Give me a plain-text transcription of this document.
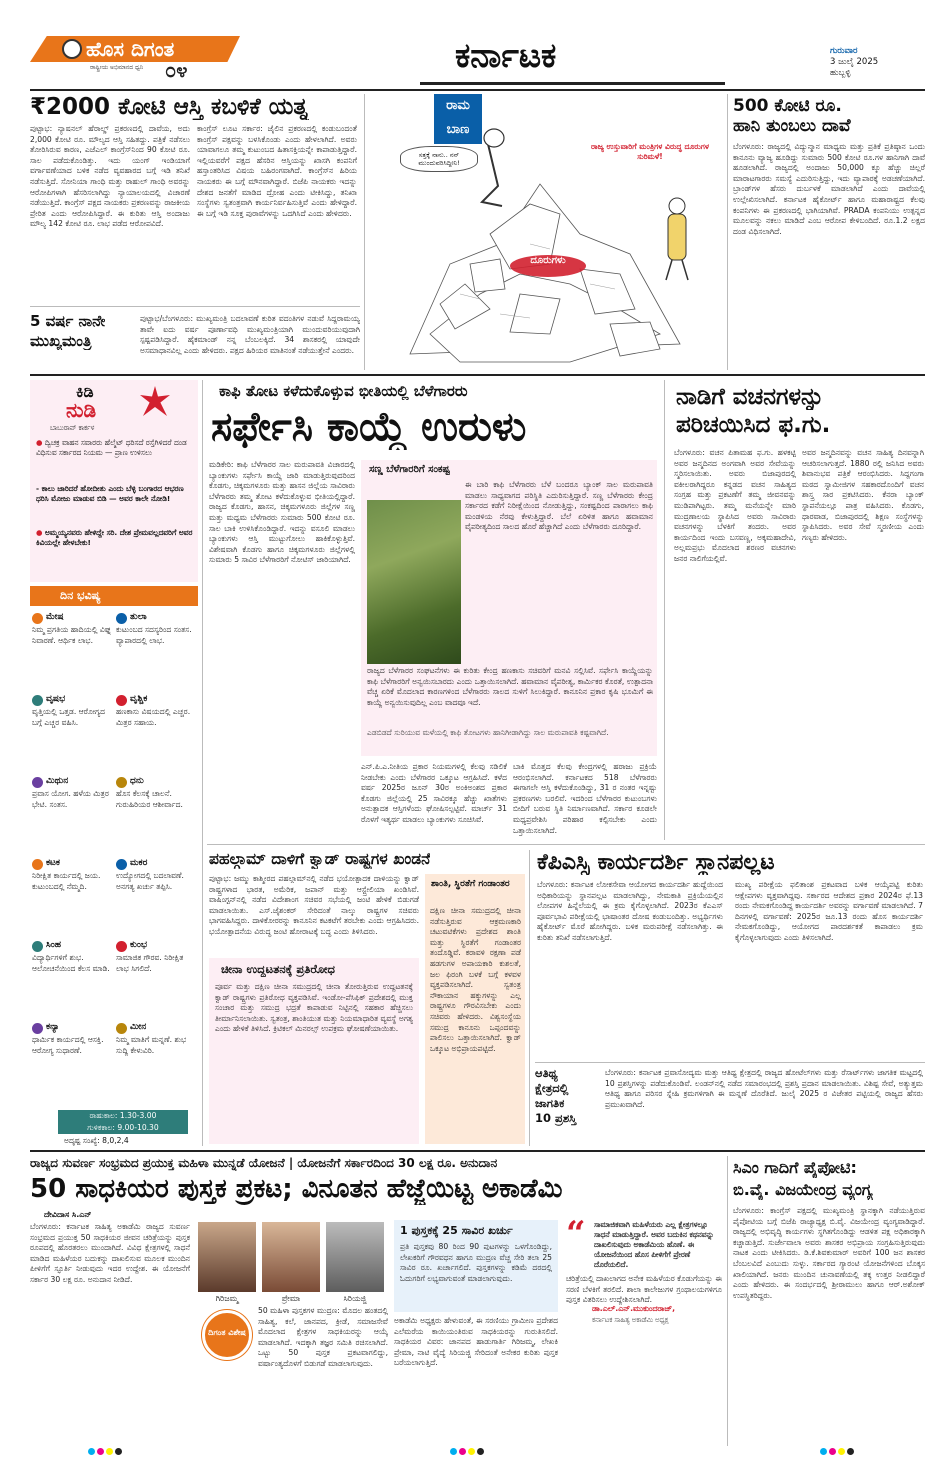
ಹೊಸ ದಿಗಂತ
ರಾಷ್ಟ್ರೀಯ ಅಭಿಮಾನದ ಧ್ವನಿ ೦೪	ಕರ್ನಾಟಕ	ಗುರುವಾರ
3 ಜುಲೈ 2025
ಹುಬ್ಬಳ್ಳಿ
₹2000 ಕೋಟಿ ಆಸ್ತಿ ಕಬಳಿಕೆ ಯತ್ನ
ಪುಟ್ಟಾಭ: ನ್ಯಾಷನಲ್ ಹೆರಾಲ್ಡ್ ಪ್ರಕರಣದಲ್ಲಿ ದಾವೆಯ, ಅದು 2,000 ಕೋಟಿ ರೂ. ಮೌಲ್ಯದ ಆಸ್ತಿ ಸಹಿತದ್ದು. ಪತ್ರಿಕೆ ನಡೆಸಲು ತೋರಿಸಿರುವ ಕಾರಣ, ಎಜೆಎಲ್ ಕಾಂಗ್ರೆಸ್‌ನಿಂದ 90 ಕೋಟಿ ರೂ. ಸಾಲ ಪಡೆದುಕೊಂಡಿತ್ತು. ಇದು ಯಂಗ್ ಇಂಡಿಯಾಗೆ ವರ್ಗಾವಣೆಯಾದ ಬಳಿಕ ನಡೆದ ವ್ಯವಹಾರದ ಬಗ್ಗೆ ಇಡಿ ತನಿಖೆ ನಡೆಸುತ್ತಿದೆ. ಸೋನಿಯಾ ಗಾಂಧಿ ಮತ್ತು ರಾಹುಲ್ ಗಾಂಧಿ ಅವರನ್ನು ಆರೋಪಿಗಳಾಗಿ ಹೆಸರಿಸಲಾಗಿದ್ದು ನ್ಯಾಯಾಲಯದಲ್ಲಿ ವಿಚಾರಣೆ ನಡೆಯುತ್ತಿದೆ. ಕಾಂಗ್ರೆಸ್ ಪಕ್ಷದ ನಾಯಕರು ಪ್ರಕರಣವನ್ನು ರಾಜಕೀಯ ಪ್ರೇರಿತ ಎಂದು ಆರೋಪಿಸಿದ್ದಾರೆ. ಈ ಕುರಿತು ಆಸ್ತಿ ಅಂದಾಜು ಮೌಲ್ಯ 142 ಕೋಟಿ ರೂ. ಲಾಭ ಪಡೆದ ಆರೋಪವಿದೆ.
ಕಾಂಗ್ರೆಸ್ ಲೂಟ ಸರ್ಕಾರ: ಜೈಲಿನ ಪ್ರಕರಣದಲ್ಲಿ ಕಂಡುಬಂದಂತೆ ಕಾಂಗ್ರೆಸ್ ಪಕ್ಷವನ್ನು ಬಳಸಿಕೊಂಡು ಎಂದು ಹೇಳಲಾಗಿದೆ. ಅವರು ಯಾವಾಗಲೂ ತಮ್ಮ ಕುಟುಂಬದ ಹಿತಾಸಕ್ತಿಯನ್ನೇ ಕಾಪಾಡುತ್ತಿದ್ದಾರೆ. ಇಲ್ಲಿಯವರೆಗೆ ಪಕ್ಷದ ಹೆಸರಿನ ಆಸ್ತಿಯನ್ನು ಖಾಸಗಿ ಕಂಪನಿಗೆ ಹಸ್ತಾಂತರಿಸಿದ ವಿಷಯ ಬಹಿರಂಗವಾಗಿದೆ. ಕಾಂಗ್ರೆಸ್‌ನ ಹಿರಿಯ ನಾಯಕರು ಈ ಬಗ್ಗೆ ಮೌನವಾಗಿದ್ದಾರೆ. ಬಿಜೆಪಿ ನಾಯಕರು ಇದನ್ನು ದೇಶದ ಜನತೆಗೆ ಮಾಡಿದ ದ್ರೋಹ ಎಂದು ಟೀಕಿಸಿದ್ದು, ತನಿಖಾ ಸಂಸ್ಥೆಗಳು ಸ್ವತಂತ್ರವಾಗಿ ಕಾರ್ಯನಿರ್ವಹಿಸುತ್ತಿವೆ ಎಂದು ಹೇಳಿದ್ದಾರೆ. ಈ ಬಗ್ಗೆ ಇಡಿ ಸೂಕ್ತ ಪುರಾವೆಗಳನ್ನು ಒದಗಿಸಿದೆ ಎಂದು ಹೇಳಿದರು.
5 ವರ್ಷ ನಾನೇ
ಮುಖ್ಯಮಂತ್ರಿ
ಪುಟ್ಟಾಭ/ಬೆಂಗಳೂರು: ಮುಖ್ಯಮಂತ್ರಿ ಬದಲಾವಣೆ ಕುರಿತ ವದಂತಿಗಳ ನಡುವೆ ಸಿದ್ದರಾಮಯ್ಯ ತಾವೇ ಐದು ವರ್ಷ ಪೂರ್ಣಾವಧಿ ಮುಖ್ಯಮಂತ್ರಿಯಾಗಿ ಮುಂದುವರಿಯುವುದಾಗಿ ಸ್ಪಷ್ಟಪಡಿಸಿದ್ದಾರೆ. ಹೈಕಮಾಂಡ್ ನನ್ನ ಬೆಂಬಲಕ್ಕಿದೆ. 34 ಶಾಸಕರಲ್ಲಿ ಯಾವುದೇ ಅಸಮಾಧಾನವಿಲ್ಲ ಎಂದು ಹೇಳಿದರು. ಪಕ್ಷದ ಹಿರಿಯರ ಮಾತಿನಂತೆ ನಡೆಯುತ್ತೇನೆ ಎಂದರು.
ರಾಮ
ಬಾಣ
ಸತ್ತಕ್ಕೆ ನಾನು.. ನನ್ ಮುಂದುವರಿಸಿದ್ದೀನಿ!
ರಾಜ್ಯ ಉಸ್ತುವಾರಿಗೆ ಮಂತ್ರಿಗಳ ವಿರುದ್ಧ ದೂರುಗಳ ಸುರಿಮಳೆ!
ದೂರುಗಳು
500 ಕೋಟಿ ರೂ.
ಹಾನಿ ತುಂಬಲು ದಾವೆ
ಬೆಂಗಳೂರು: ರಾಜ್ಯದಲ್ಲಿ ವಿದ್ಯುನ್ಮಾನ ಮಾಧ್ಯಮ ಮತ್ತು ಪ್ರತಿಕೆ ಪ್ರತಿಷ್ಠಾನ ಒಂದು ಕಾನೂನು ವ್ಯಾಜ್ಯ ಹೂಡಿದ್ದು ಸುಮಾರು 500 ಕೋಟಿ ರೂ.ಗಳ ಹಾನಿಗಾಗಿ ದಾವೆ ಹೂಡಲಾಗಿದೆ. ರಾಜ್ಯದಲ್ಲಿ ಅಂದಾಜು 50,000 ಕ್ಕೂ ಹೆಚ್ಚು ಚಿಲ್ಲರೆ ಮಾರಾಟಗಾರರು ಸಮಸ್ಯೆ ಎದುರಿಸುತ್ತಿದ್ದು, ಇದು ವ್ಯಾಪಾರಕ್ಕೆ ಅಡಚಣೆಯಾಗಿದೆ. ಬ್ರಾಂಡ್‌ಗಳ ಹೆಸರು ದುರ್ಬಳಕೆ ಮಾಡಲಾಗಿದೆ ಎಂದು ದಾವೆಯಲ್ಲಿ ಉಲ್ಲೇಖಿಸಲಾಗಿದೆ. ಕರ್ನಾಟಕ ಹೈಕೋರ್ಟ್ ಹಾಗೂ ಮಹಾರಾಷ್ಟ್ರದ ಕೆಲವು ಕಂಪನಿಗಳು ಈ ಪ್ರಕರಣದಲ್ಲಿ ಭಾಗಿಯಾಗಿವೆ. PRADA ಕಂಪನಿಯು ಉತ್ಪನ್ನದ ಮೂಲವನ್ನು ನಕಲು ಮಾಡಿದೆ ಎಂಬ ಆರೋಪ ಕೇಳಿಬಂದಿದೆ. ರೂ.1.2 ಲಕ್ಷದ ದಂಡ ವಿಧಿಸಲಾಗಿದೆ.
ಕಿಡಿ
ನುಡಿ
ಬಾಬುರಾವ್ ಕಾರ್ಕಳ
● ದ್ವಿಚಕ್ರ ವಾಹನ ಸವಾರರು ಹೆಲ್ಮೆಟ್ ಧರಿಸದೆ ರಸ್ತೆಗಿಳಿದರೆ ದಂಡ ವಿಧಿಸುವ ಸರ್ಕಾರದ ನಿಯಮ — ಪ್ರಾಣ ಉಳಿಸಲು
- ಕಾಲು ಜಾರಿದರೆ ಹೋದೀತು ಎಂದು ಬೆಳ್ಳಿ ಬಂಗಾರದ ಆಭರಣ ಧರಿಸಿ ಮೋಜು ಮಾಡುವ ಬಿಡಿ — ಅವರ ಕಾಲೇ ನೋಡಿ!
● ಅಮ್ಮಯ್ಯನವರು ಹೇಳಿದ್ದೇ ಸರಿ. ದೇಶ ಪ್ರೇಮವಲ್ಲದವರಿಗೆ ಅವರ ಕಿವಿಯಲ್ಲೇ ಹೇಳಬೇಕು!
ದಿನ ಭವಿಷ್ಯ
ಮೇಷ
ನಿಮ್ಮ ಪ್ರಗತಿಯ ಹಾದಿಯಲ್ಲಿ ವಿಘ್ನ ನಿವಾರಣೆ. ಆರ್ಥಿಕ ಲಾಭ.
ತುಲಾ
ಕುಟುಂಬದ ಸದಸ್ಯರಿಂದ ಸಂತಸ. ವ್ಯಾಪಾರದಲ್ಲಿ ಲಾಭ.
ವೃಷಭ
ವೃತ್ತಿಯಲ್ಲಿ ಒತ್ತಡ. ಆರೋಗ್ಯದ ಬಗ್ಗೆ ಎಚ್ಚರ ವಹಿಸಿ.
ವೃಶ್ಚಿಕ
ಹಣಕಾಸು ವಿಷಯದಲ್ಲಿ ಎಚ್ಚರ. ಮಿತ್ರರ ಸಹಾಯ.
ಮಿಥುನ
ಪ್ರವಾಸ ಯೋಗ. ಹಳೆಯ ಮಿತ್ರರ ಭೇಟಿ. ಸಂತಸ.
ಧನು
ಹೊಸ ಕೆಲಸಕ್ಕೆ ಚಾಲನೆ. ಗುರುಹಿರಿಯರ ಆಶೀರ್ವಾದ.
ಕಟಕ
ನಿರೀಕ್ಷಿತ ಕಾರ್ಯದಲ್ಲಿ ಜಯ. ಕುಟುಂಬದಲ್ಲಿ ನೆಮ್ಮದಿ.
ಮಕರ
ಉದ್ಯೋಗದಲ್ಲಿ ಬದಲಾವಣೆ. ಅನಗತ್ಯ ಖರ್ಚು ತಪ್ಪಿಸಿ.
ಸಿಂಹ
ವಿದ್ಯಾರ್ಥಿಗಳಿಗೆ ಶುಭ. ಆಲೋಚನೆಯಿಂದ ಕೆಲಸ ಮಾಡಿ.
ಕುಂಭ
ಸಾಮಾಜಿಕ ಗೌರವ. ನಿರೀಕ್ಷಿತ ಲಾಭ ಸಿಗಲಿದೆ.
ಕನ್ಯಾ
ಧಾರ್ಮಿಕ ಕಾರ್ಯದಲ್ಲಿ ಆಸಕ್ತಿ. ಆರೋಗ್ಯ ಸುಧಾರಣೆ.
ಮೀನ
ನಿಮ್ಮ ಮಾತಿಗೆ ಮನ್ನಣೆ. ಶುಭ ಸುದ್ದಿ ಕೇಳುವಿರಿ.
ರಾಹುಕಾಲ: 1.30-3.00
ಗುಳಿಕಕಾಲ: 9.00-10.30
ಅದೃಷ್ಟ ಸಂಖ್ಯೆ: 8,0,2,4
ಕಾಫಿ ತೋಟ ಕಳೆದುಕೊಳ್ಳುವ ಭೀತಿಯಲ್ಲಿ ಬೆಳೆಗಾರರು
ಸರ್ಫೇಸಿ ಕಾಯ್ದೆ ಉರುಳು
ಮಡಿಕೇರಿ: ಕಾಫಿ ಬೆಳೆಗಾರರ ಸಾಲ ಮರುಪಾವತಿ ವಿಚಾರದಲ್ಲಿ ಬ್ಯಾಂಕುಗಳು ಸರ್ಫೇಸಿ ಕಾಯ್ದೆ ಜಾರಿ ಮಾಡುತ್ತಿರುವುದರಿಂದ ಕೊಡಗು, ಚಿಕ್ಕಮಗಳೂರು ಮತ್ತು ಹಾಸನ ಜಿಲ್ಲೆಯ ಸಾವಿರಾರು ಬೆಳೆಗಾರರು ತಮ್ಮ ತೋಟ ಕಳೆದುಕೊಳ್ಳುವ ಭೀತಿಯಲ್ಲಿದ್ದಾರೆ. ರಾಜ್ಯದ ಕೊಡಗು, ಹಾಸನ, ಚಿಕ್ಕಮಗಳೂರು ಜಿಲ್ಲೆಗಳ ಸಣ್ಣ ಮತ್ತು ಮಧ್ಯಮ ಬೆಳೆಗಾರರು ಸುಮಾರು 500 ಕೋಟಿ ರೂ. ಸಾಲ ಬಾಕಿ ಉಳಿಸಿಕೊಂಡಿದ್ದಾರೆ. ಇದನ್ನು ವಸೂಲಿ ಮಾಡಲು ಬ್ಯಾಂಕುಗಳು ಆಸ್ತಿ ಮುಟ್ಟುಗೋಲು ಹಾಕಿಕೊಳ್ಳುತ್ತಿವೆ. ವಿಶೇಷವಾಗಿ ಕೊಡಗು ಹಾಗೂ ಚಿಕ್ಕಮಗಳೂರು ಜಿಲ್ಲೆಗಳಲ್ಲಿ ಸುಮಾರು 5 ಸಾವಿರ ಬೆಳೆಗಾರರಿಗೆ ನೋಟಿಸ್ ಜಾರಿಯಾಗಿದೆ.
ಸಣ್ಣ ಬೆಳೆಗಾರರಿಗೆ ಸಂಕಷ್ಟ
ಈ ಬಾರಿ ಕಾಫಿ ಬೆಳೆಗಾರರು ಬೆಳೆ ಬಂದರೂ ಬ್ಯಾಂಕ್ ಸಾಲ ಮರುಪಾವತಿ ಮಾಡಲು ಸಾಧ್ಯವಾಗದ ಪರಿಸ್ಥಿತಿ ಎದುರಿಸುತ್ತಿದ್ದಾರೆ. ಸಣ್ಣ ಬೆಳೆಗಾರರು ಕೇಂದ್ರ ಸರ್ಕಾರದ ಕಡೆಗೆ ನಿರೀಕ್ಷೆಯಿಂದ ನೋಡುತ್ತಿದ್ದು, ಸಂಕಷ್ಟದಿಂದ ಪಾರಾಗಲು ಕಾಫಿ ಮಂಡಳಿಯ ನೆರವು ಕೇಳುತ್ತಿದ್ದಾರೆ. ಬೆಲೆ ಏರಿಳಿತ ಹಾಗೂ ಹವಾಮಾನ ವೈಪರೀತ್ಯದಿಂದ ಸಾಲದ ಹೊರೆ ಹೆಚ್ಚಾಗಿದೆ ಎಂದು ಬೆಳೆಗಾರರು ದೂರಿದ್ದಾರೆ.
ರಾಜ್ಯದ ಬೆಳೆಗಾರರ ಸಂಘಟನೆಗಳು ಈ ಕುರಿತು ಕೇಂದ್ರ ಹಣಕಾಸು ಸಚಿವರಿಗೆ ಮನವಿ ಸಲ್ಲಿಸಿವೆ. ಸರ್ಫೇಸಿ ಕಾಯ್ದೆಯನ್ನು ಕಾಫಿ ಬೆಳೆಗಾರರಿಗೆ ಅನ್ವಯಿಸಬಾರದು ಎಂದು ಒತ್ತಾಯಿಸಲಾಗಿದೆ. ಹವಾಮಾನ ವೈಪರೀತ್ಯ, ಕಾರ್ಮಿಕರ ಕೊರತೆ, ಉತ್ಪಾದನಾ ವೆಚ್ಚ ಏರಿಕೆ ಮೊದಲಾದ ಕಾರಣಗಳಿಂದ ಬೆಳೆಗಾರರು ಸಾಲದ ಸುಳಿಗೆ ಸಿಲುಕಿದ್ದಾರೆ. ಕಾನೂನಿನ ಪ್ರಕಾರ ಕೃಷಿ ಭೂಮಿಗೆ ಈ ಕಾಯ್ದೆ ಅನ್ವಯಿಸುವುದಿಲ್ಲ ಎಂಬ ವಾದವೂ ಇದೆ.
ಎಡಬಿಡದೆ ಸುರಿಯುವ ಮಳೆಯಲ್ಲಿ ಕಾಫಿ ತೋಟಗಳು ಹಾನಿಗೀಡಾಗಿದ್ದು ಸಾಲ ಮರುಪಾವತಿ ಕಷ್ಟವಾಗಿದೆ.
ಎನ್.ಪಿ.ಎ.ನೀತಿಯ ಪ್ರಕಾರ ನಿಯಮಗಳಲ್ಲಿ ಕೆಲವು ಸಡಿಲಿಕೆ ನೀಡಬೇಕು ಎಂದು ಬೆಳೆಗಾರರ ಒಕ್ಕೂಟ ಆಗ್ರಹಿಸಿದೆ. ಕಳೆದ ವರ್ಷ 2025ರ ಜೂನ್ 30ರ ಅಂಕಿಅಂಶದ ಪ್ರಕಾರ ಕೊಡಗು ಜಿಲ್ಲೆಯಲ್ಲಿ 25 ಸಾವಿರಕ್ಕೂ ಹೆಚ್ಚು ಖಾತೆಗಳು ಅನುತ್ಪಾದಕ ಆಸ್ತಿಗಳೆಂದು ಘೋಷಿಸಲ್ಪಟ್ಟಿವೆ. ಮಾರ್ಚ್ 31 ರೊಳಗೆ ಇತ್ಯರ್ಥ ಮಾಡಲು ಬ್ಯಾಂಕುಗಳು ಸೂಚಿಸಿವೆ.
ಬಾಕಿ ಮೊತ್ತದ ಕೆಲವು ಕೇಂದ್ರಗಳಲ್ಲಿ ಹರಾಜು ಪ್ರಕ್ರಿಯೆ ಆರಂಭಿಸಲಾಗಿದೆ. ಕರ್ನಾಟಕದ 518 ಬೆಳೆಗಾರರು ಈಗಾಗಲೇ ಆಸ್ತಿ ಕಳೆದುಕೊಂಡಿದ್ದು, 31 ರ ನಂತರ ಇನ್ನಷ್ಟು ಪ್ರಕರಣಗಳು ಬರಲಿವೆ. ಇದರಿಂದ ಬೆಳೆಗಾರರ ಕುಟುಂಬಗಳು ಬೀದಿಗೆ ಬರುವ ಸ್ಥಿತಿ ನಿರ್ಮಾಣವಾಗಿದೆ. ಸರ್ಕಾರ ಕೂಡಲೇ ಮಧ್ಯಪ್ರವೇಶಿಸಿ ಪರಿಹಾರ ಕಲ್ಪಿಸಬೇಕು ಎಂದು ಒತ್ತಾಯಿಸಲಾಗಿದೆ.
ನಾಡಿಗೆ ವಚನಗಳನ್ನು
ಪರಿಚಯಿಸಿದ ಫ.ಗು.
ಬೆಂಗಳೂರು: ವಚನ ಪಿತಾಮಹ ಫ.ಗು. ಹಳಕಟ್ಟಿ ಅವರ ಜನ್ಮದಿನದ ಅಂಗವಾಗಿ ಅವರ ಸೇವೆಯನ್ನು ಸ್ಮರಿಸಲಾಯಿತು. ಅವರು ಬಿಜಾಪುರದಲ್ಲಿ ವಕೀಲರಾಗಿದ್ದರೂ ಕನ್ನಡದ ವಚನ ಸಾಹಿತ್ಯದ ಸಂಗ್ರಹ ಮತ್ತು ಪ್ರಕಟಣೆಗೆ ತಮ್ಮ ಜೀವನವನ್ನು ಮುಡಿಪಾಗಿಟ್ಟರು. ತಮ್ಮ ಮನೆಯನ್ನೇ ಮಾರಿ ಮುದ್ರಣಾಲಯ ಸ್ಥಾಪಿಸಿದ ಅವರು ಸಾವಿರಾರು ವಚನಗಳನ್ನು ಬೆಳಕಿಗೆ ತಂದರು. ಅವರ ಕಾರ್ಯದಿಂದ ಇಂದು ಬಸವಣ್ಣ, ಅಕ್ಕಮಹಾದೇವಿ, ಅಲ್ಲಮಪ್ರಭು ಮೊದಲಾದ ಶರಣರ ವಚನಗಳು ಜನರ ನಾಲಿಗೆಯಲ್ಲಿವೆ.
ಅವರ ಜನ್ಮದಿನವನ್ನು ವಚನ ಸಾಹಿತ್ಯ ದಿನವನ್ನಾಗಿ ಆಚರಿಸಲಾಗುತ್ತದೆ. 1880 ರಲ್ಲಿ ಜನಿಸಿದ ಅವರು ಶಿವಾನುಭವ ಪತ್ರಿಕೆ ಆರಂಭಿಸಿದರು. ಸಿದ್ದಗಂಗಾ ಮಠದ ಸ್ವಾಮೀಜಿಗಳ ಸಹಕಾರದೊಂದಿಗೆ ವಚನ ಶಾಸ್ತ್ರ ಸಾರ ಪ್ರಕಟಿಸಿದರು. ಕೆನರಾ ಬ್ಯಾಂಕ್ ಸ್ಥಾಪನೆಯಲ್ಲೂ ಪಾತ್ರ ವಹಿಸಿದರು. ಕೊಡಗು, ಧಾರವಾಡ, ಬಿಜಾಪುರದಲ್ಲಿ ಶಿಕ್ಷಣ ಸಂಸ್ಥೆಗಳನ್ನು ಸ್ಥಾಪಿಸಿದರು. ಅವರ ಸೇವೆ ಸ್ಮರಣೀಯ ಎಂದು ಗಣ್ಯರು ಹೇಳಿದರು.
ಪಹಲ್ಗಾಮ್ ದಾಳಿಗೆ ಕ್ವಾಡ್ ರಾಷ್ಟ್ರಗಳ ಖಂಡನೆ
ಪುಟ್ಟಾಭ: ಜಮ್ಮು ಕಾಶ್ಮೀರದ ಪಹಲ್ಗಾಮ್‌ನಲ್ಲಿ ನಡೆದ ಭಯೋತ್ಪಾದಕ ದಾಳಿಯನ್ನು ಕ್ವಾಡ್ ರಾಷ್ಟ್ರಗಳಾದ ಭಾರತ, ಅಮೆರಿಕ, ಜಪಾನ್ ಮತ್ತು ಆಸ್ಟ್ರೇಲಿಯಾ ಖಂಡಿಸಿವೆ. ವಾಷಿಂಗ್ಟನ್‌ನಲ್ಲಿ ನಡೆದ ವಿದೇಶಾಂಗ ಸಚಿವರ ಸಭೆಯಲ್ಲಿ ಜಂಟಿ ಹೇಳಿಕೆ ಬಿಡುಗಡೆ ಮಾಡಲಾಯಿತು. ಎಸ್.ಜೈಶಂಕರ್ ಸೇರಿದಂತೆ ನಾಲ್ಕು ರಾಷ್ಟ್ರಗಳ ಸಚಿವರು ಭಾಗವಹಿಸಿದ್ದರು. ದಾಳಿಕೋರರನ್ನು ಕಾನೂನಿನ ಕಟಕಟೆಗೆ ತರಬೇಕು ಎಂದು ಆಗ್ರಹಿಸಿದರು. ಭಯೋತ್ಪಾದನೆಯ ವಿರುದ್ಧ ಜಂಟಿ ಹೋರಾಟಕ್ಕೆ ಬದ್ಧ ಎಂದು ತಿಳಿಸಿದರು.
ಚೀನಾ ಉದ್ದಟತನಕ್ಕೆ ಪ್ರತಿರೋಧ
ಪೂರ್ವ ಮತ್ತು ದಕ್ಷಿಣ ಚೀನಾ ಸಮುದ್ರದಲ್ಲಿ ಚೀನಾ ತೋರುತ್ತಿರುವ ಉದ್ದಟತನಕ್ಕೆ ಕ್ವಾಡ್ ರಾಷ್ಟ್ರಗಳು ಪ್ರತಿರೋಧ ವ್ಯಕ್ತಪಡಿಸಿವೆ. ಇಂಡೋ-ಪೆಸಿಫಿಕ್ ಪ್ರದೇಶದಲ್ಲಿ ಮುಕ್ತ ಸಂಚಾರ ಮತ್ತು ಸಮುದ್ರ ಭದ್ರತೆ ಕಾಪಾಡುವ ನಿಟ್ಟಿನಲ್ಲಿ ಸಹಕಾರ ಹೆಚ್ಚಿಸಲು ತೀರ್ಮಾನಿಸಲಾಯಿತು. ಸ್ವತಂತ್ರ, ಶಾಂತಿಯುತ ಮತ್ತು ನಿಯಮಾಧಾರಿತ ವ್ಯವಸ್ಥೆ ಅಗತ್ಯ ಎಂದು ಹೇಳಿಕೆ ತಿಳಿಸಿದೆ. ಕ್ರಿಟಿಕಲ್ ಮಿನರಲ್ಸ್ ಉಪಕ್ರಮ ಘೋಷಣೆಯಾಯಿತು.
ಶಾಂತಿ, ಸ್ಥಿರತೆಗೆ ಗಂಡಾಂತರ
ದಕ್ಷಿಣ ಚೀನಾ ಸಮುದ್ರದಲ್ಲಿ ಚೀನಾ ನಡೆಸುತ್ತಿರುವ ಆಕ್ರಮಣಕಾರಿ ಚಟುವಟಿಕೆಗಳು ಪ್ರದೇಶದ ಶಾಂತಿ ಮತ್ತು ಸ್ಥಿರತೆಗೆ ಗಂಡಾಂತರ ತಂದೊಡ್ಡಿವೆ. ಕರಾವಳಿ ರಕ್ಷಣಾ ಪಡೆ ಹಡಗುಗಳ ಅಪಾಯಕಾರಿ ಕುಶಲತೆ, ಜಲ ಫಿರಂಗಿ ಬಳಕೆ ಬಗ್ಗೆ ಕಳವಳ ವ್ಯಕ್ತಪಡಿಸಲಾಗಿದೆ. ಸ್ವತಂತ್ರ ನೌಕಾಯಾನ ಹಕ್ಕುಗಳನ್ನು ಎಲ್ಲ ರಾಷ್ಟ್ರಗಳೂ ಗೌರವಿಸಬೇಕು ಎಂದು ಸಚಿವರು ಹೇಳಿದರು. ವಿಶ್ವಸಂಸ್ಥೆಯ ಸಮುದ್ರ ಕಾನೂನು ಒಪ್ಪಂದವನ್ನು ಪಾಲಿಸಲು ಒತ್ತಾಯಿಸಲಾಗಿದೆ. ಕ್ವಾಡ್ ಒಕ್ಕೂಟ ಅಭಿಪ್ರಾಯಪಟ್ಟಿದೆ.
ಕೆಪಿಎಸ್ಸಿ ಕಾರ್ಯದರ್ಶಿ ಸ್ಥಾನಪಲ್ಲಟ
ಬೆಂಗಳೂರು: ಕರ್ನಾಟಕ ಲೋಕಸೇವಾ ಆಯೋಗದ ಕಾರ್ಯದರ್ಶಿ ಹುದ್ದೆಯಿಂದ ಅಧಿಕಾರಿಯನ್ನು ಸ್ಥಾನಪಲ್ಲಟ ಮಾಡಲಾಗಿದ್ದು, ನೇಮಕಾತಿ ಪ್ರಕ್ರಿಯೆಯಲ್ಲಿನ ಲೋಪಗಳ ಹಿನ್ನೆಲೆಯಲ್ಲಿ ಈ ಕ್ರಮ ಕೈಗೊಳ್ಳಲಾಗಿದೆ. 2023ರ ಕೆಎಎಸ್ ಪೂರ್ವಭಾವಿ ಪರೀಕ್ಷೆಯಲ್ಲಿ ಭಾಷಾಂತರ ದೋಷ ಕಂಡುಬಂದಿತ್ತು. ಅಭ್ಯರ್ಥಿಗಳು ಹೈಕೋರ್ಟ್ ಮೊರೆ ಹೋಗಿದ್ದರು. ಬಳಿಕ ಮರುಪರೀಕ್ಷೆ ನಡೆಸಲಾಗಿತ್ತು. ಈ ಕುರಿತು ತನಿಖೆ ನಡೆಸಲಾಗುತ್ತಿದೆ.
ಮುಖ್ಯ ಪರೀಕ್ಷೆಯ ಫಲಿತಾಂಶ ಪ್ರಕಟವಾದ ಬಳಿಕ ಆಯ್ಕೆಪಟ್ಟಿ ಕುರಿತು ಆಕ್ಷೇಪಗಳು ವ್ಯಕ್ತವಾಗಿದ್ದವು. ಸರ್ಕಾರದ ಆದೇಶದ ಪ್ರಕಾರ 2024ರ ಫೆ.13 ರಂದು ನೇಮಕಗೊಂಡಿದ್ದ ಕಾರ್ಯದರ್ಶಿ ಅವರನ್ನು ವರ್ಗಾವಣೆ ಮಾಡಲಾಗಿದೆ. 7 ದಿನಗಳಲ್ಲಿ ವರ್ಗಾವಣೆ: 2025ರ ಜೂ.13 ರಂದು ಹೊಸ ಕಾರ್ಯದರ್ಶಿ ನೇಮಕಗೊಂಡಿದ್ದು, ಆಯೋಗದ ಪಾರದರ್ಶಕತೆ ಕಾಪಾಡಲು ಕ್ರಮ ಕೈಗೊಳ್ಳಲಾಗುವುದು ಎಂದು ತಿಳಿಸಲಾಗಿದೆ.
ಆತಿಥ್ಯ
ಕ್ಷೇತ್ರದಲ್ಲಿ
ಜಾಗತಿಕ
10 ಪ್ರಶಸ್ತಿ
ಬೆಂಗಳೂರು: ಕರ್ನಾಟಕ ಪ್ರವಾಸೋದ್ಯಮ ಮತ್ತು ಆತಿಥ್ಯ ಕ್ಷೇತ್ರದಲ್ಲಿ ರಾಜ್ಯದ ಹೋಟೆಲ್‌ಗಳು ಮತ್ತು ರೆಸಾರ್ಟ್‌ಗಳು ಜಾಗತಿಕ ಮಟ್ಟದಲ್ಲಿ 10 ಪ್ರಶಸ್ತಿಗಳನ್ನು ಪಡೆದುಕೊಂಡಿವೆ. ಲಂಡನ್‌ನಲ್ಲಿ ನಡೆದ ಸಮಾರಂಭದಲ್ಲಿ ಪ್ರಶಸ್ತಿ ಪ್ರದಾನ ಮಾಡಲಾಯಿತು. ವಿಶಿಷ್ಟ ಸೇವೆ, ಅತ್ಯುತ್ತಮ ಆತಿಥ್ಯ ಹಾಗೂ ಪರಿಸರ ಸ್ನೇಹಿ ಕ್ರಮಗಳಿಗಾಗಿ ಈ ಮನ್ನಣೆ ದೊರೆತಿದೆ. ಜುಲೈ 2025 ರ ವಿಜೇತರ ಪಟ್ಟಿಯಲ್ಲಿ ರಾಜ್ಯದ ಹೆಸರು ಪ್ರಮುಖವಾಗಿದೆ.
ರಾಜ್ಯದ ಸುವರ್ಣ ಸಂಭ್ರಮದ ಪ್ರಯುಕ್ತ ಮಹಿಳಾ ಮುನ್ನಡೆ ಯೋಜನೆ | ಯೋಜನೆಗೆ ಸರ್ಕಾರದಿಂದ 30 ಲಕ್ಷ ರೂ. ಅನುದಾನ
50 ಸಾಧಕಿಯರ ಪುಸ್ತಕ ಪ್ರಕಟ; ವಿನೂತನ ಹೆಜ್ಜೆಯಿಟ್ಟ ಅಕಾಡೆಮಿ
ದೇವಿದಾಸ ಸಿ.ಎನ್
ಬೆಂಗಳೂರು: ಕರ್ನಾಟಕ ಸಾಹಿತ್ಯ ಅಕಾಡೆಮಿ ರಾಜ್ಯದ ಸುವರ್ಣ ಸಂಭ್ರಮದ ಪ್ರಯುಕ್ತ 50 ಸಾಧಕಿಯರ ಜೀವನ ಚರಿತ್ರೆಯನ್ನು ಪುಸ್ತಕ ರೂಪದಲ್ಲಿ ಹೊರತರಲು ಮುಂದಾಗಿದೆ. ವಿವಿಧ ಕ್ಷೇತ್ರಗಳಲ್ಲಿ ಸಾಧನೆ ಮಾಡಿದ ಮಹಿಳೆಯರ ಬದುಕನ್ನು ದಾಖಲಿಸುವ ಮೂಲಕ ಮುಂದಿನ ಪೀಳಿಗೆಗೆ ಸ್ಫೂರ್ತಿ ನೀಡುವುದು ಇದರ ಉದ್ದೇಶ. ಈ ಯೋಜನೆಗೆ ಸರ್ಕಾರ 30 ಲಕ್ಷ ರೂ. ಅನುದಾನ ನೀಡಿದೆ.
ಗಿರಿಜಮ್ಮ	ಪ್ರೇಮಾ	ಸಿರಿಯಜ್ಜಿ
ದಿಗಂತ ವಿಶೇಷ
50 ಮಹಿಳಾ ಪುಸ್ತಕಗಳ ಮುದ್ರಣ: ಮೊದಲ ಹಂತದಲ್ಲಿ ಸಾಹಿತ್ಯ, ಕಲೆ, ಜಾನಪದ, ಕ್ರೀಡೆ, ಸಮಾಜಸೇವೆ ಮೊದಲಾದ ಕ್ಷೇತ್ರಗಳ ಸಾಧಕಿಯರನ್ನು ಆಯ್ಕೆ ಮಾಡಲಾಗಿದೆ. ಇದಕ್ಕಾಗಿ ತಜ್ಞರ ಸಮಿತಿ ರಚಿಸಲಾಗಿದೆ. ಒಟ್ಟು 50 ಪುಸ್ತಕ ಪ್ರಕಟವಾಗಲಿದ್ದು, ವರ್ಷಾಂತ್ಯದೊಳಗೆ ಬಿಡುಗಡೆ ಮಾಡಲಾಗುವುದು.
1 ಪುಸ್ತಕಕ್ಕೆ 25 ಸಾವಿರ ಖರ್ಚು
ಪ್ರತಿ ಪುಸ್ತಕವು 80 ರಿಂದ 90 ಪುಟಗಳನ್ನು ಒಳಗೊಂಡಿದ್ದು, ಲೇಖಕರಿಗೆ ಗೌರವಧನ ಹಾಗೂ ಮುದ್ರಣ ವೆಚ್ಚ ಸೇರಿ ತಲಾ 25 ಸಾವಿರ ರೂ. ಖರ್ಚಾಗಲಿದೆ. ಪುಸ್ತಕಗಳನ್ನು ಕಡಿಮೆ ದರದಲ್ಲಿ ಓದುಗರಿಗೆ ಲಭ್ಯವಾಗುವಂತೆ ಮಾಡಲಾಗುವುದು.
ಅಕಾಡೆಮಿ ಅಧ್ಯಕ್ಷರು ಹೇಳುವಂತೆ, ಈ ಸರಣಿಯು ಗ್ರಾಮೀಣ ಪ್ರದೇಶದ ಎಲೆಮರೆಯ ಕಾಯಿಯಂತಿರುವ ಸಾಧಕಿಯರನ್ನು ಗುರುತಿಸಲಿದೆ. ಸಾಧಕಿಯರ ವಿವರ: ಜಾನಪದ ಹಾಡುಗಾರ್ತಿ ಗಿರಿಜಮ್ಮ, ಲೇಖಕಿ ಪ್ರೇಮಾ, ನಾಟಿ ವೈದ್ಯೆ ಸಿರಿಯಜ್ಜಿ ಸೇರಿದಂತೆ ಅನೇಕರ ಕುರಿತು ಪುಸ್ತಕ ಬರೆಯಲಾಗುತ್ತಿದೆ.
“ ಸಾಮಾಜಿಕವಾಗಿ ಮಹಿಳೆಯರು ಎಲ್ಲ ಕ್ಷೇತ್ರಗಳಲ್ಲೂ ಸಾಧನೆ ಮಾಡುತ್ತಿದ್ದಾರೆ. ಅವರ ಬದುಕಿನ ಕಥನವನ್ನು ದಾಖಲಿಸುವುದು ಅಕಾಡೆಮಿಯ ಹೊಣೆ. ಈ ಯೋಜನೆಯಿಂದ ಹೊಸ ಪೀಳಿಗೆಗೆ ಪ್ರೇರಣೆ ದೊರೆಯಲಿದೆ.
ಡಾ.ಎಲ್.ಎನ್.ಮುಕುಂದರಾಜ್,
ಕರ್ನಾಟಕ ಸಾಹಿತ್ಯ ಅಕಾಡೆಮಿ ಅಧ್ಯಕ್ಷ
ಚರಿತ್ರೆಯಲ್ಲಿ ದಾಖಲಾಗದ ಅನೇಕ ಮಹಿಳೆಯರ ಕೊಡುಗೆಯನ್ನು ಈ ಸರಣಿ ಬೆಳಕಿಗೆ ತರಲಿದೆ. ಶಾಲಾ ಕಾಲೇಜುಗಳ ಗ್ರಂಥಾಲಯಗಳಿಗೂ ಪುಸ್ತಕ ವಿತರಿಸಲು ಉದ್ದೇಶಿಸಲಾಗಿದೆ.
ಸಿಎಂ ಗಾದಿಗೆ ಪೈಪೋಟಿ:
ಬಿ.ವೈ. ವಿಜಯೇಂದ್ರ ವ್ಯಂಗ್ಯ
ಬೆಂಗಳೂರು: ಕಾಂಗ್ರೆಸ್ ಪಕ್ಷದಲ್ಲಿ ಮುಖ್ಯಮಂತ್ರಿ ಸ್ಥಾನಕ್ಕಾಗಿ ನಡೆಯುತ್ತಿರುವ ಪೈಪೋಟಿಯ ಬಗ್ಗೆ ಬಿಜೆಪಿ ರಾಜ್ಯಾಧ್ಯಕ್ಷ ಬಿ.ವೈ. ವಿಜಯೇಂದ್ರ ವ್ಯಂಗ್ಯವಾಡಿದ್ದಾರೆ. ರಾಜ್ಯದಲ್ಲಿ ಅಭಿವೃದ್ಧಿ ಕಾರ್ಯಗಳು ಸ್ಥಗಿತಗೊಂಡಿದ್ದು ಆಡಳಿತ ಪಕ್ಷ ಅಧಿಕಾರಕ್ಕಾಗಿ ಕಚ್ಚಾಡುತ್ತಿದೆ. ಸುರ್ಜೇವಾಲಾ ಅವರು ಶಾಸಕರ ಅಭಿಪ್ರಾಯ ಸಂಗ್ರಹಿಸುತ್ತಿರುವುದು ನಾಟಕ ಎಂದು ಟೀಕಿಸಿದರು. ಡಿ.ಕೆ.ಶಿವಕುಮಾರ್ ಅವರಿಗೆ 100 ಜನ ಶಾಸಕರ ಬೆಂಬಲವಿದೆ ಎಂಬುದು ಸುಳ್ಳು. ಸರ್ಕಾರದ ಗ್ಯಾರಂಟಿ ಯೋಜನೆಗಳಿಂದ ಬೊಕ್ಕಸ ಖಾಲಿಯಾಗಿದೆ. ಜನರು ಮುಂದಿನ ಚುನಾವಣೆಯಲ್ಲಿ ತಕ್ಕ ಉತ್ತರ ನೀಡಲಿದ್ದಾರೆ ಎಂದು ಹೇಳಿದರು. ಈ ಸಂದರ್ಭದಲ್ಲಿ ಶ್ರೀರಾಮುಲು ಹಾಗೂ ಆರ್.ಅಶೋಕ್ ಉಪಸ್ಥಿತರಿದ್ದರು.
